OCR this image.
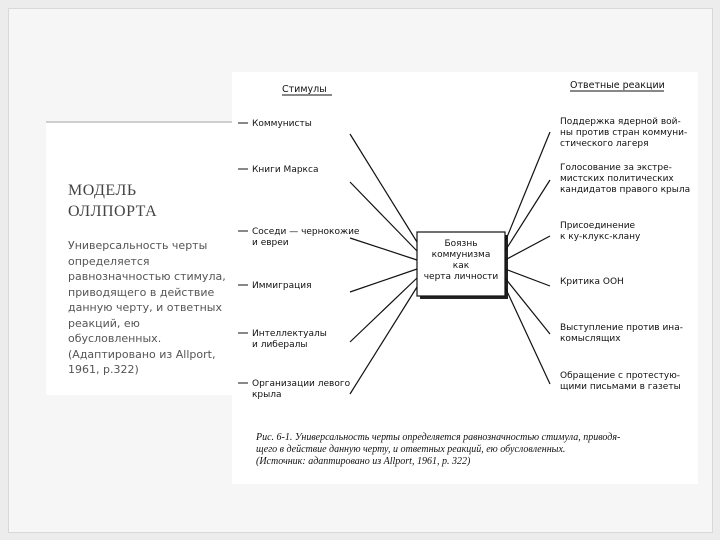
МОДЕЛЬ
ОЛЛПОРТА
Универсальность черты определяется равнозначностью стимула, приводящего в действие данную черту, и ответных реакций, ею обусловленных.
(Адаптировано из Allport, 1961, p.322)
Стимулы	Ответные реакции
Боязнь коммунизма как черта личности
Коммунисты
Книги Маркса
Соседи — чернокожие и евреи
Иммиграция
Интеллектуалы и либералы
Организации левого крыла
Поддержка ядерной вой-ны против стран коммуни-стического лагеря
Голосование за экстре-мистских политических кандидатов правого крыла
Присоединение к ку-клукс-клану
Критика ООН
Выступление против ина-комыслящих
Обращение с протестую-щими письмами в газеты
Рис. 6-1. Универсальность черты определяется равнозначностью стимула, приводя-щего в действие данную черту, и ответных реакций, ею обусловленных. (Источник: адаптировано из Allport, 1961, p. 322)
